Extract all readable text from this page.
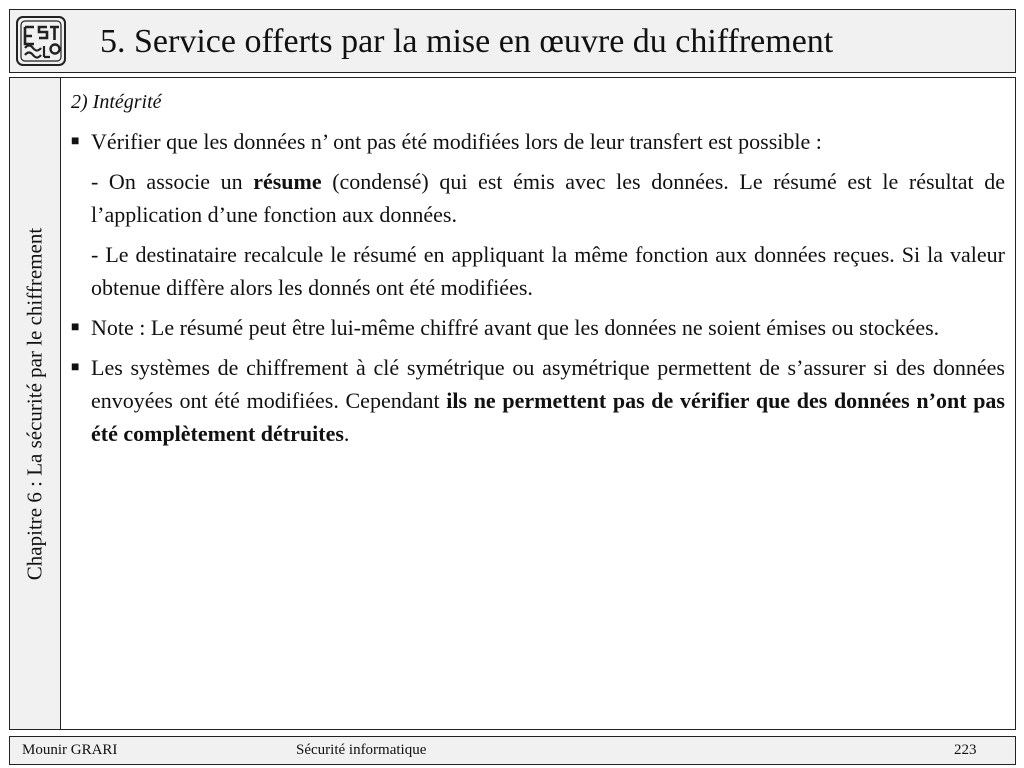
5. Service offerts par la mise en œuvre du chiffrement
Chapitre 6 : La sécurité par le chiffrement
2) Intégrité
■ Vérifier que les données n’ ont pas été modifiées lors de leur transfert est possible :
- On associe un résume (condensé) qui est émis avec les données. Le résumé est le résultat de l’application d’une fonction aux données.
- Le destinataire recalcule le résumé en appliquant la même fonction aux données reçues. Si la valeur obtenue diffère alors les donnés ont été modifiées.
■ Note : Le résumé peut être lui-même chiffré avant que les données ne soient émises ou stockées.
■ Les systèmes de chiffrement à clé symétrique ou asymétrique permettent de s’assurer si des données envoyées ont été modifiées. Cependant ils ne permettent pas de vérifier que des données n’ont pas été complètement détruites.
Mounir GRARI	Sécurité informatique	223
